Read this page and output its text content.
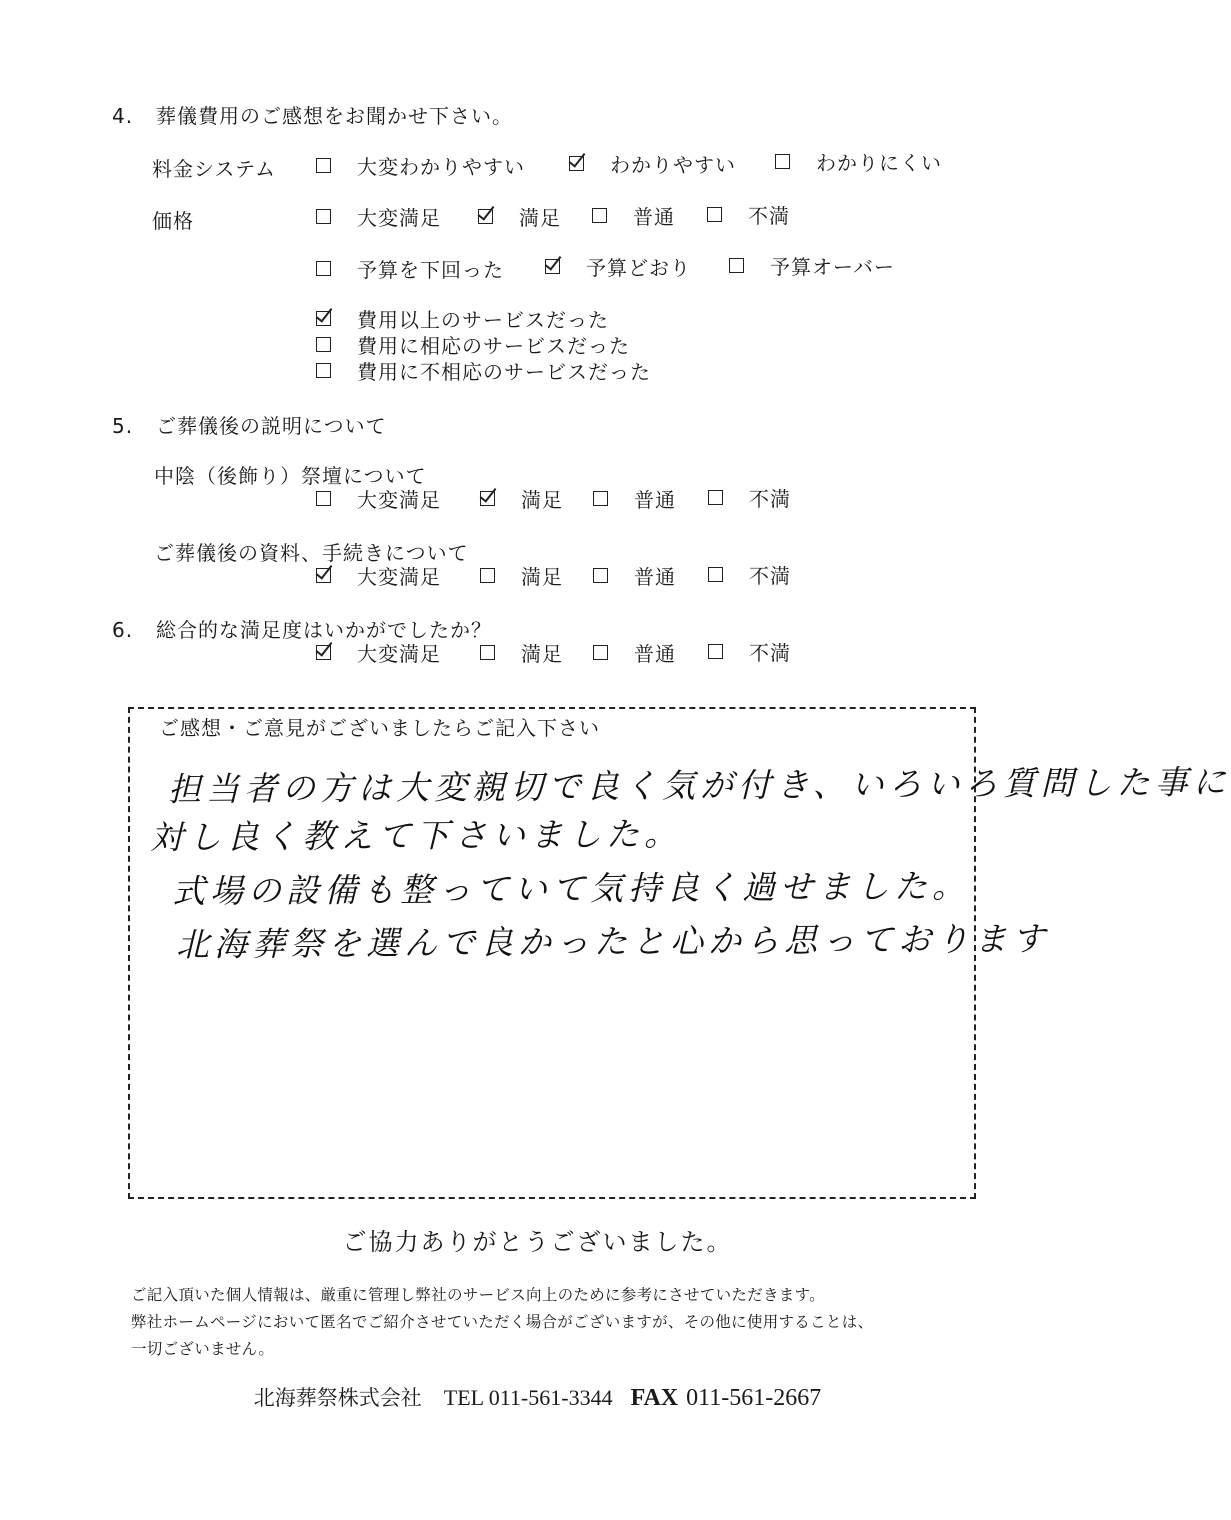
4. 葬儀費用のご感想をお聞かせ下さい。
料金システム	大変わかりやすい	わかりやすい	わかりにくい
価格	大変満足	満足	普通	不満
予算を下回った	予算どおり	予算オーバー
費用以上のサービスだった
費用に相応のサービスだった
費用に不相応のサービスだった
5. ご葬儀後の説明について
中陰（後飾り）祭壇について
大変満足	満足	普通	不満
ご葬儀後の資料、手続きについて
大変満足	満足	普通	不満
6. 総合的な満足度はいかがでしたか？
大変満足	満足	普通	不満
ご感想・ご意見がございましたらご記入下さい
担当者の方は大変親切で良く気が付き、いろいろ質問した事に
対し良く教えて下さいました。
式場の設備も整っていて気持良く過せました。
北海葬祭を選んで良かったと心から思っております
ご協力ありがとうございました。
ご記入頂いた個人情報は、厳重に管理し弊社のサービス向上のために参考にさせていただきます。
弊社ホームページにおいて匿名でご紹介させていただく場合がございますが、その他に使用することは、
一切ございません。
北海葬祭株式会社 TEL 011-561-3344 FAX 011-561-2667
